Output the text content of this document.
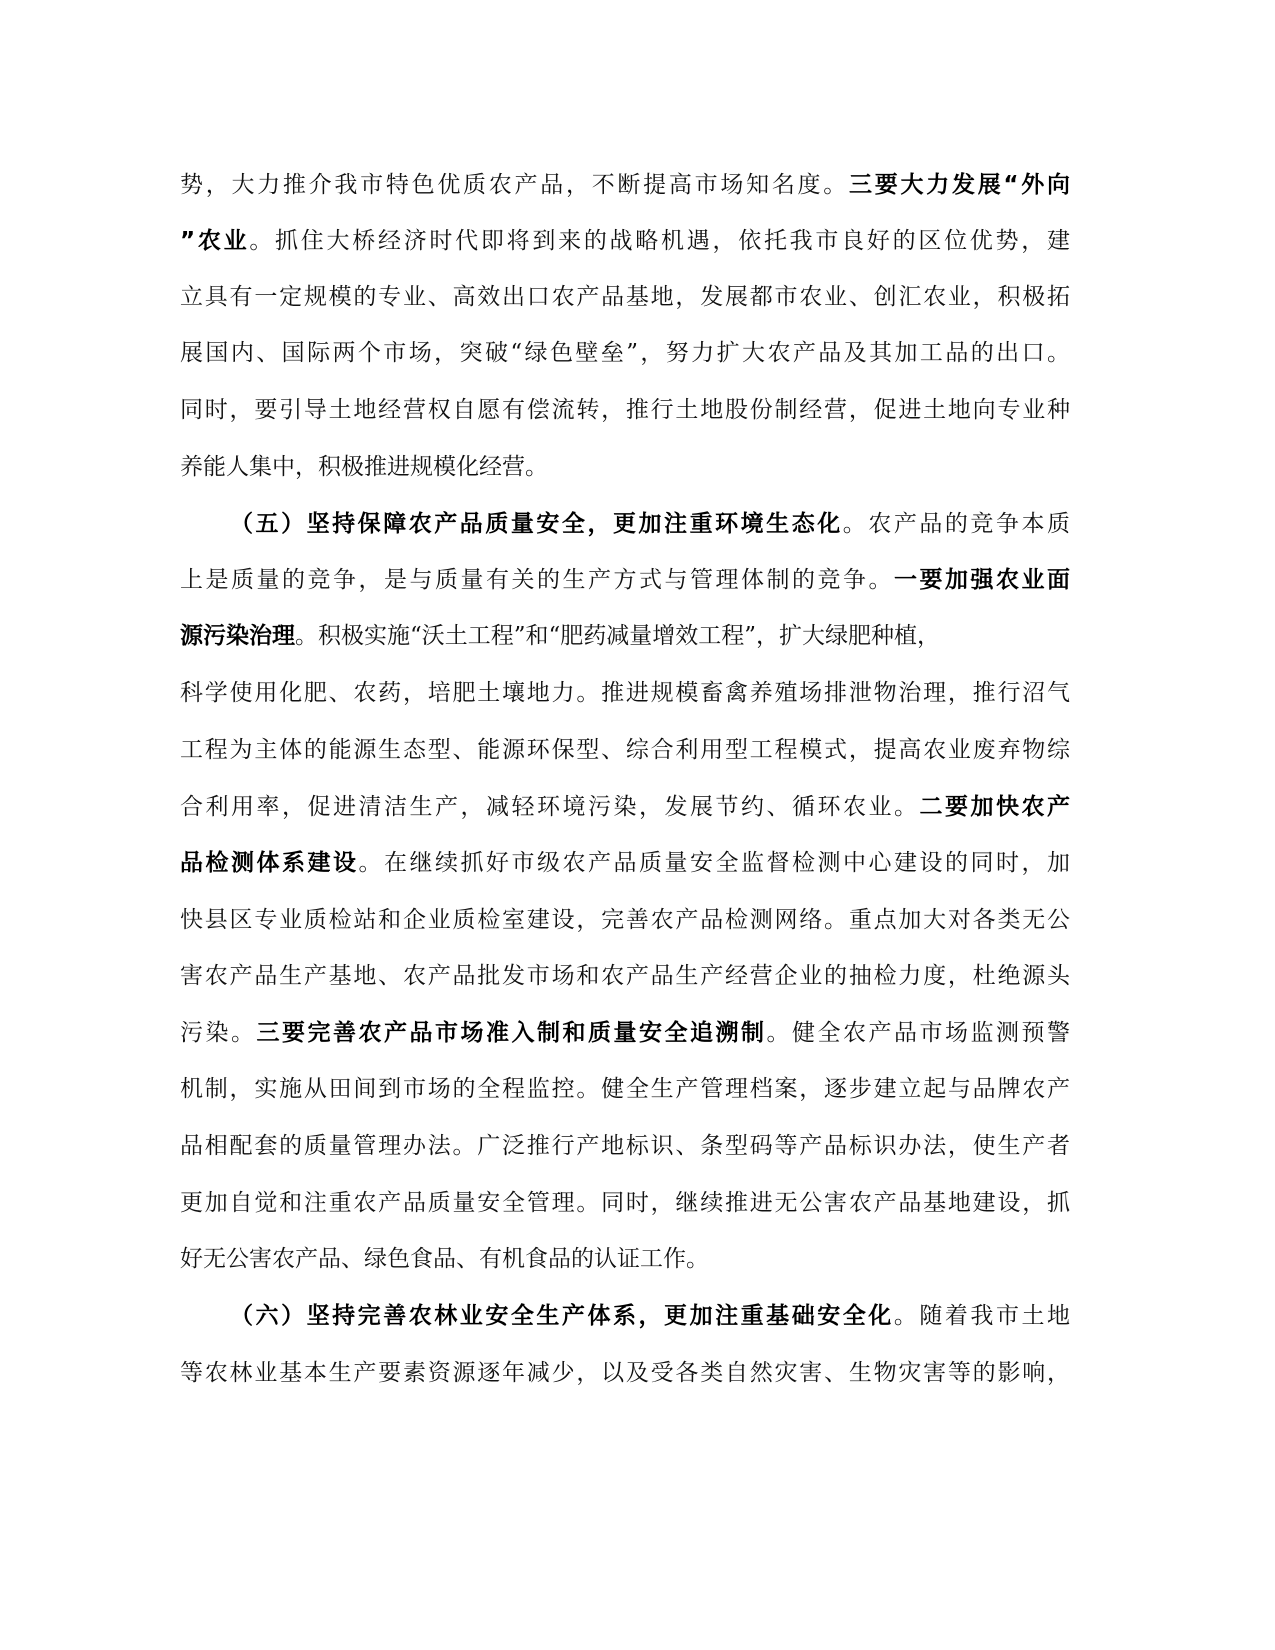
势，大力推介我市特色优质农产品，不断提高市场知名度。三要大力发展“外向
”农业。抓住大桥经济时代即将到来的战略机遇，依托我市良好的区位优势，建
立具有一定规模的专业、高效出口农产品基地，发展都市农业、创汇农业，积极拓
展国内、国际两个市场，突破“绿色壁垒”，努力扩大农产品及其加工品的出口。
同时，要引导土地经营权自愿有偿流转，推行土地股份制经营，促进土地向专业种
养能人集中，积极推进规模化经营。
（五）坚持保障农产品质量安全，更加注重环境生态化。农产品的竞争本质
上是质量的竞争，是与质量有关的生产方式与管理体制的竞争。一要加强农业面
源污染治理。积极实施“沃土工程”和“肥药减量增效工程”，扩大绿肥种植，
科学使用化肥、农药，培肥土壤地力。推进规模畜禽养殖场排泄物治理，推行沼气
工程为主体的能源生态型、能源环保型、综合利用型工程模式，提高农业废弃物综
合利用率，促进清洁生产，减轻环境污染，发展节约、循环农业。二要加快农产
品检测体系建设。在继续抓好市级农产品质量安全监督检测中心建设的同时，加
快县区专业质检站和企业质检室建设，完善农产品检测网络。重点加大对各类无公
害农产品生产基地、农产品批发市场和农产品生产经营企业的抽检力度，杜绝源头
污染。三要完善农产品市场准入制和质量安全追溯制。健全农产品市场监测预警
机制，实施从田间到市场的全程监控。健全生产管理档案，逐步建立起与品牌农产
品相配套的质量管理办法。广泛推行产地标识、条型码等产品标识办法，使生产者
更加自觉和注重农产品质量安全管理。同时，继续推进无公害农产品基地建设，抓
好无公害农产品、绿色食品、有机食品的认证工作。
（六）坚持完善农林业安全生产体系，更加注重基础安全化。随着我市土地
等农林业基本生产要素资源逐年减少，以及受各类自然灾害、生物灾害等的影响，
